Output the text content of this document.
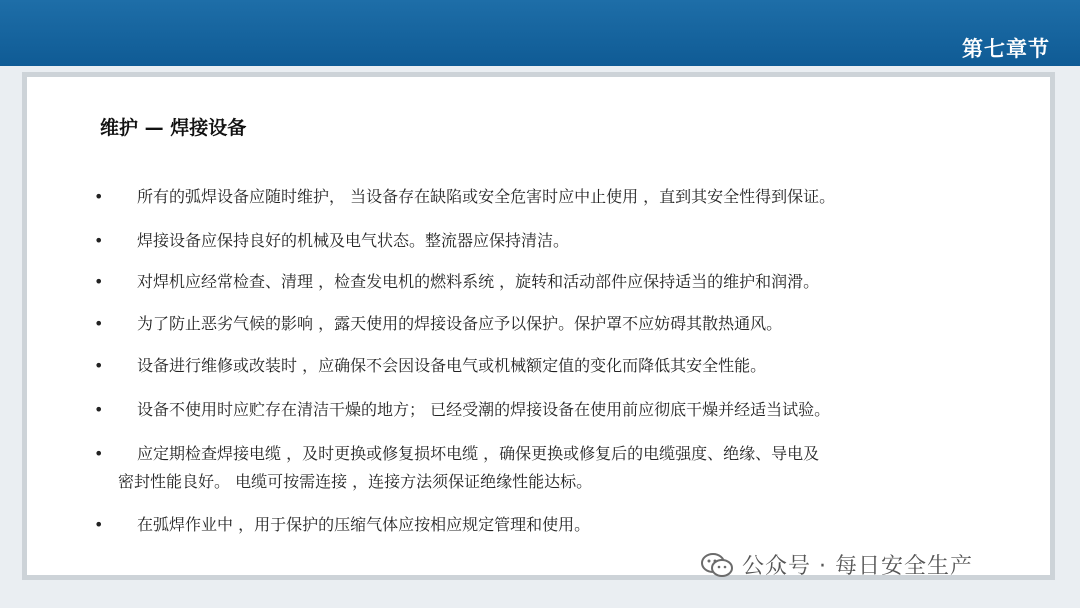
第七章节
维护 — 焊接设备
• 所有的弧焊设备应随时维护， 当设备存在缺陷或安全危害时应中止使用 ，直到其安全性得到保证。
• 焊接设备应保持良好的机械及电气状态。整流器应保持清洁。
• 对焊机应经常检查、清理 ，检查发电机的燃料系统 ，旋转和活动部件应保持适当的维护和润滑。
• 为了防止恶劣气候的影响 ，露天使用的焊接设备应予以保护。保护罩不应妨碍其散热通风。
• 设备进行维修或改装时 ，应确保不会因设备电气或机械额定值的变化而降低其安全性能。
• 设备不使用时应贮存在清洁干燥的地方； 已经受潮的焊接设备在使用前应彻底干燥并经适当试验。
• 应定期检查焊接电缆 ，及时更换或修复损坏电缆 ，确保更换或修复后的电缆强度、绝缘、导电及
密封性能良好。 电缆可按需连接 ，连接方法须保证绝缘性能达标。
• 在弧焊作业中 ，用于保护的压缩气体应按相应规定管理和使用。
公众号 · 每日安全生产
